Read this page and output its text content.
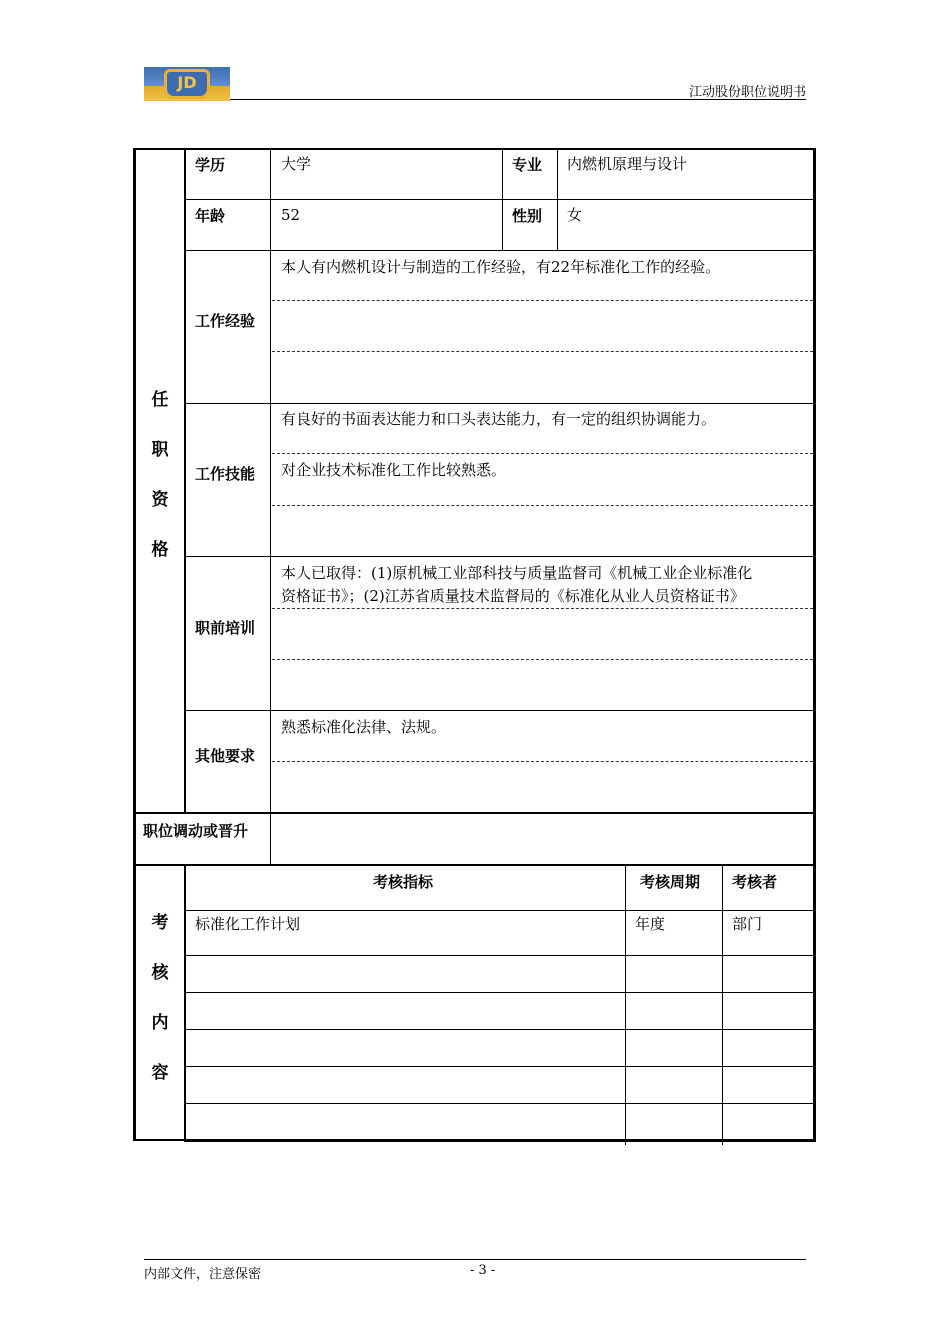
JD
江动股份职位说明书
任
职
资
格
学历	大学	专业 内燃机原理与设计
年龄	52	性别 女
工作经验
本人有内燃机设计与制造的工作经验，有22年标准化工作的经验。
工作技能
有良好的书面表达能力和口头表达能力，有一定的组织协调能力。
对企业技术标准化工作比较熟悉。
职前培训
本人已取得：(1)原机械工业部科技与质量监督司《机械工业企业标准化
资格证书》；(2)江苏省质量技术监督局的《标准化从业人员资格证书》
其他要求
熟悉标准化法律、法规。
职位调动或晋升
考
核
内
容
考核指标	考核周期 考核者
标准化工作计划	年度	部门
内部文件，注意保密	- 3 -
